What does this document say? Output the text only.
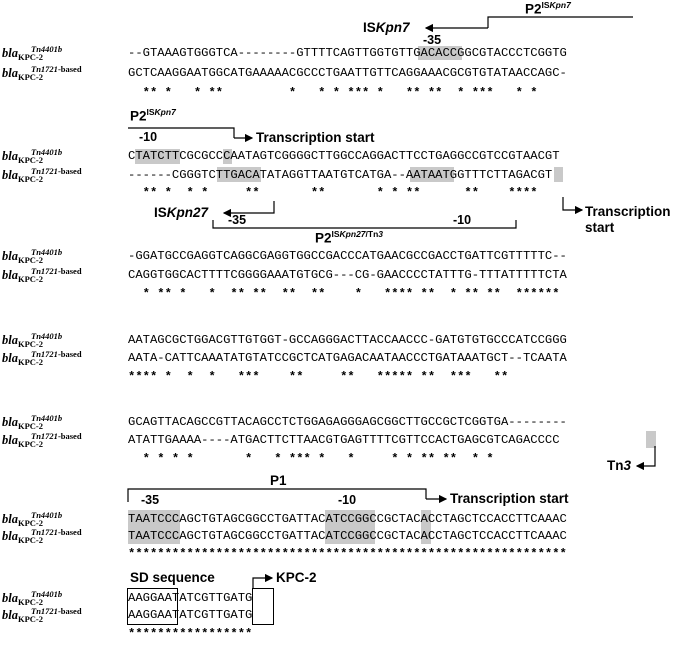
$P2^{ISKpn7}$
ISKpn7
-35
$P2^{ISKpn7}$
-10	Transcription start
ISKpn27 -35	-10
$P2^{ISKpn27/Tn3}$
Transcription start
Tn3
P1
-35	-10	Transcription start
SD sequence	KPC-2
bla$_{KPC-2}^{Tn4401b}$	--GTAAAGTGGGTCA--------GTTTTCAGTTGGTGTTGACACCGGCGTACCCTCGGTG
bla$_{KPC-2}^{Tn1721-based}$	GCTCAAGGAATGGCATGAAAAACGCCCTGAATTGTTCAGGAAACGCGTGTATAACCAGC-
** *   * **         *   * * *** *   ** **  * ***   * *
bla$_{KPC-2}^{Tn4401b}$	CTATCTTCGCGCCCAATAGTCGGGGCTTGGCCAGGACTTCCTGAGGCCGTCCGTAACGT
bla$_{KPC-2}^{Tn1721-based}$	------CGGGTCTTGACATATAGGTTAATGTCATGA--AATAATGGTTTCTTAGACGT
** *  * *     **       **       * * **      **    ****
bla$_{KPC-2}^{Tn4401b}$	-GGATGCCGAGGTCAGGCGAGGTGGCCGACCCATGAACGCCGACCTGATTCGTTTTTC--
bla$_{KPC-2}^{Tn1721-based}$	CAGGTGGCACTTTTCGGGGAAATGTGCG---CG-GAACCCCTATTTG-TTTATTTTTCTA
* ** *   *  ** **  **  **    *   **** **  * ** **  ******
bla$_{KPC-2}^{Tn4401b}$	AATAGCGCTGGACGTTGTGGT-GCCAGGGACTTACCAACCC-GATGTGTGCCCATCCGGG
bla$_{KPC-2}^{Tn1721-based}$	AATA-CATTCAAATATGTATCCGCTCATGAGACAATAACCCTGATAAATGCT--TCAATA
**** *  *  *   ***    **     **   ***** **  ***   **
bla$_{KPC-2}^{Tn4401b}$	GCAGTTACAGCCGTTACAGCCTCTGGAGAGGGAGCGGCTTGCCGCTCGGTGA--------
bla$_{KPC-2}^{Tn1721-based}$	ATATTGAAAA----ATGACTTCTTAACGTGAGTTTTCGTTCCACTGAGCGTCAGACCCC
* * * *       *   * *** *   *     * * ** **  * *
bla$_{KPC-2}^{Tn4401b}$	TAATCCCAGCTGTAGCGGCCTGATTACATCCGGCCGCTACACCTAGCTCCACCTTCAAAC
bla$_{KPC-2}^{Tn1721-based}$	TAATCCCAGCTGTAGCGGCCTGATTACATCCGGCCGCTACACCTAGCTCCACCTTCAAAC
************************************************************
bla$_{KPC-2}^{Tn4401b}$	AAGGAATATCGTTGATG
bla$_{KPC-2}^{Tn1721-based}$	AAGGAATATCGTTGATG
*****************
